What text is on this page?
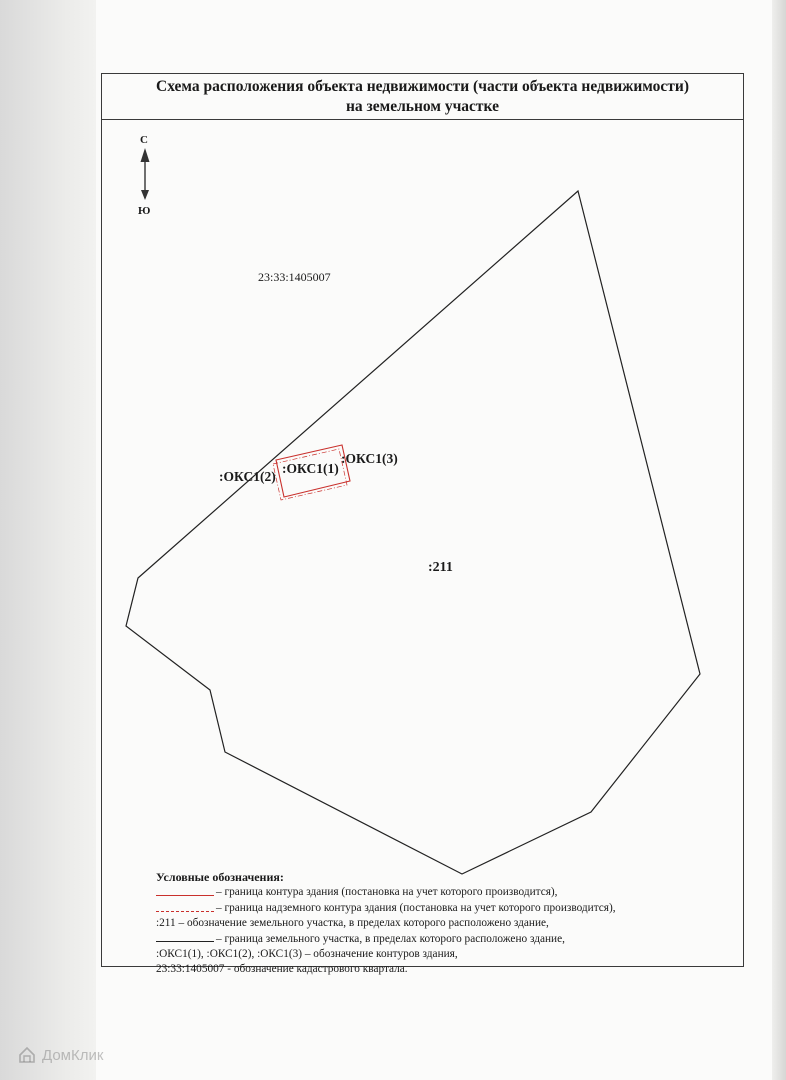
Схема расположения объекта недвижимости (части объекта недвижимости)
на земельном участке
С
Ю
23:33:1405007
:211
:ОКС1(1)
:ОКС1(2)
:ОКС1(3)
Условные обозначения:
– граница контура здания (постановка на учет которого производится),
– граница надземного контура здания (постановка на учет которого производится),
:211 – обозначение земельного участка, в пределах которого расположено здание,
– граница земельного участка, в пределах которого расположено здание,
:ОКС1(1), :ОКС1(2), :ОКС1(3) – обозначение контуров здания,
23:33:1405007 - обозначение кадастрового квартала.
ДомКлик
